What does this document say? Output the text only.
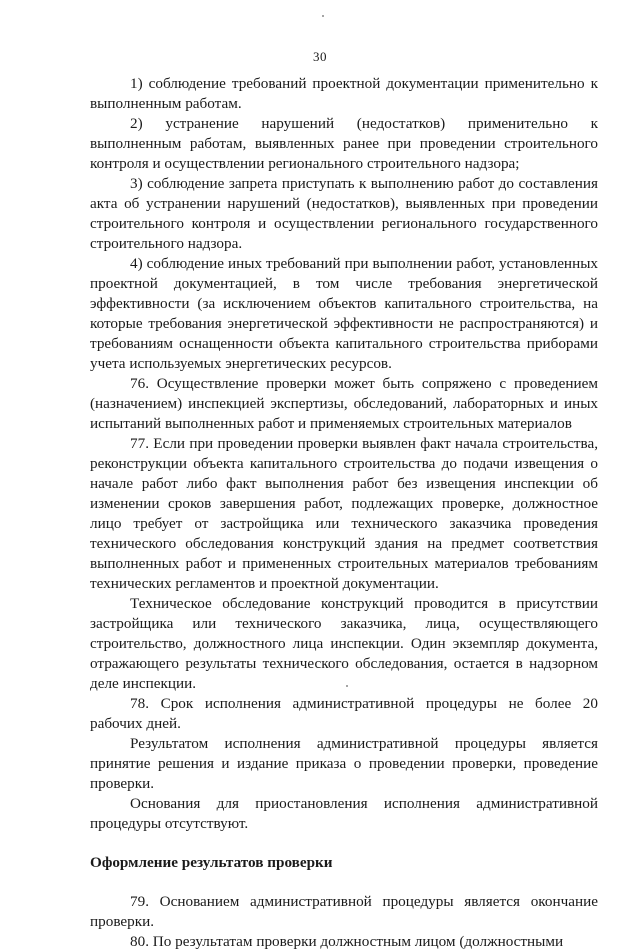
30

1) соблюдение требований проектной документации применительно к выполненным работам.

2) устранение нарушений (недостатков) применительно к выполненным работам, выявленных ранее при проведении строительного контроля и осуществлении регионального строительного надзора;

3) соблюдение запрета приступать к выполнению работ до составления акта об устранении нарушений (недостатков), выявленных при проведении строительного контроля и осуществлении регионального государственного строительного надзора.

4) соблюдение иных требований при выполнении работ, установленных проектной документацией, в том числе требования энергетической эффективности (за исключением объектов капитального строительства, на которые требования энергетической эффективности не распространяются) и требованиям оснащенности объекта капитального строительства приборами учета используемых энергетических ресурсов.

76. Осуществление проверки может быть сопряжено с проведением (назначением) инспекцией экспертизы, обследований, лабораторных и иных испытаний выполненных работ и применяемых строительных материалов

77. Если при проведении проверки выявлен факт начала строительства, реконструкции объекта капитального строительства до подачи извещения о начале работ либо факт выполнения работ без извещения инспекции об изменении сроков завершения работ, подлежащих проверке, должностное лицо требует от застройщика или технического заказчика проведения технического обследования конструкций здания на предмет соответствия выполненных работ и примененных строительных материалов требованиям технических регламентов и проектной документации.

Техническое обследование конструкций проводится в присутствии застройщика или технического заказчика, лица, осуществляющего строительство, должностного лица инспекции. Один экземпляр документа, отражающего результаты технического обследования, остается в надзорном деле инспекции.

78. Срок исполнения административной процедуры не более 20 рабочих дней.

Результатом исполнения административной процедуры является принятие решения и издание приказа о проведении проверки, проведение проверки.

Основания для приостановления исполнения административной процедуры отсутствуют.

Оформление результатов проверки

79. Основанием административной процедуры является окончание проверки.

80. По результатам проверки должностным лицом (должностными
